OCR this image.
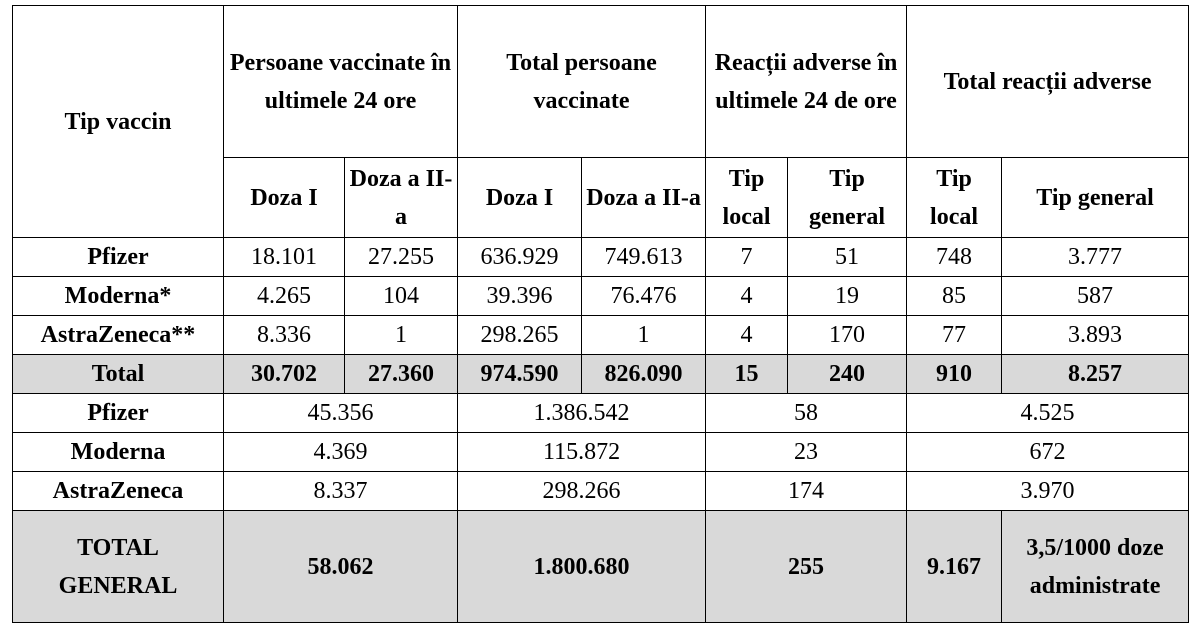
Tip vaccin	Persoane vaccinate în ultimele 24 ore		Total persoane vaccinate		Reacții adverse în ultimele 24 de ore		Total reacții adverse	
	Doza I	Doza a II-a	Doza I	Doza a II-a	Tip local	Tip general	Tip local	Tip general
Pfizer	18.101	27.255	636.929	749.613	7	51	748	3.777
Moderna*	4.265	104	39.396	76.476	4	19	85	587
AstraZeneca**	8.336	1	298.265	1	4	170	77	3.893
Total	30.702	27.360	974.590	826.090	15	240	910	8.257
Pfizer	45.356		1.386.542		58		4.525	
Moderna	4.369		115.872		23		672	
AstraZeneca	8.337		298.266		174		3.970	
TOTAL GENERAL	58.062		1.800.680		255		9.167	3,5/1000 doze administrate
